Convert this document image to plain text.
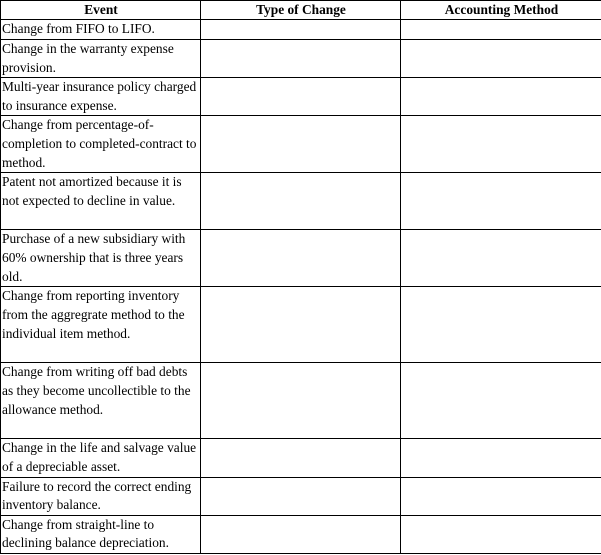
Event	Type of Change	Accounting Method

Change from FIFO to LIFO.		

Change in the warranty expense provision.		

Multi-year insurance policy charged to insurance expense.		

Change from percentage-of-completion to completed-contract to method.		

Patent not amortized because it is not expected to decline in value.		

Purchase of a new subsidiary with 60% ownership that is three years old.		

Change from reporting inventory from the aggregrate method to the individual item method.		

Change from writing off bad debts as they become uncollectible to the allowance method.		

Change in the life and salvage value of a depreciable asset.		

Failure to record the correct ending inventory balance.		

Change from straight-line to declining balance depreciation.		
